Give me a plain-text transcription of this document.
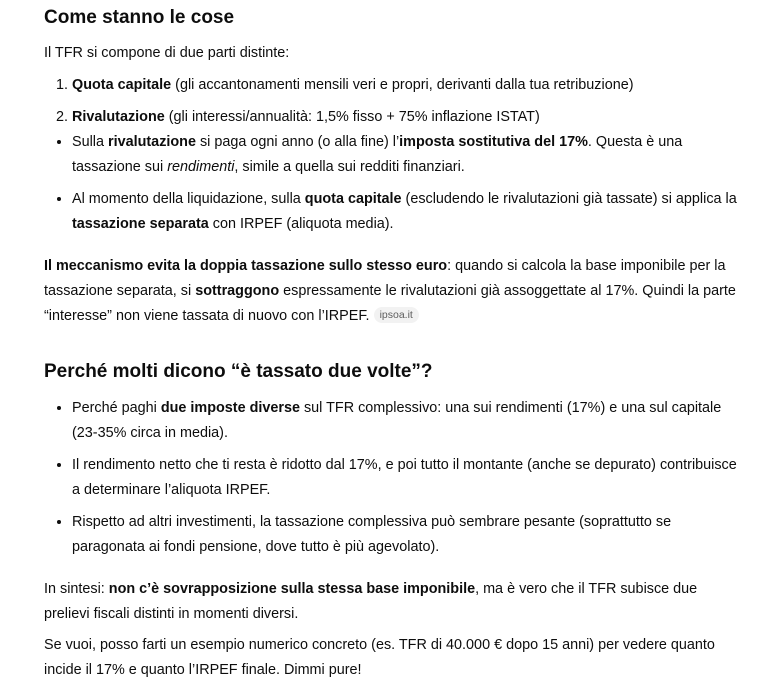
Come stanno le cose

Il TFR si compone di due parti distinte:

1. Quota capitale (gli accantonamenti mensili veri e propri, derivanti dalla tua retribuzione)
2. Rivalutazione (gli interessi/annualità: 1,5% fisso + 75% inflazione ISTAT)
• Sulla rivalutazione si paga ogni anno (o alla fine) l’imposta sostitutiva del 17%. Questa è una tassazione sui rendimenti, simile a quella sui redditi finanziari.
• Al momento della liquidazione, sulla quota capitale (escludendo le rivalutazioni già tassate) si applica la tassazione separata con IRPEF (aliquota media).

Il meccanismo evita la doppia tassazione sullo stesso euro: quando si calcola la base imponibile per la tassazione separata, si sottraggono espressamente le rivalutazioni già assoggettate al 17%. Quindi la parte “interesse” non viene tassata di nuovo con l’IRPEF. ipsoa.it

Perché molti dicono “è tassato due volte”?
• Perché paghi due imposte diverse sul TFR complessivo: una sui rendimenti (17%) e una sul capitale (23-35% circa in media).
• Il rendimento netto che ti resta è ridotto dal 17%, e poi tutto il montante (anche se depurato) contribuisce a determinare l’aliquota IRPEF.
• Rispetto ad altri investimenti, la tassazione complessiva può sembrare pesante (soprattutto se paragonata ai fondi pensione, dove tutto è più agevolato).

In sintesi: non c’è sovrapposizione sulla stessa base imponibile, ma è vero che il TFR subisce due prelievi fiscali distinti in momenti diversi.

Se vuoi, posso farti un esempio numerico concreto (es. TFR di 40.000 € dopo 15 anni) per vedere quanto incide il 17% e quanto l’IRPEF finale. Dimmi pure!
